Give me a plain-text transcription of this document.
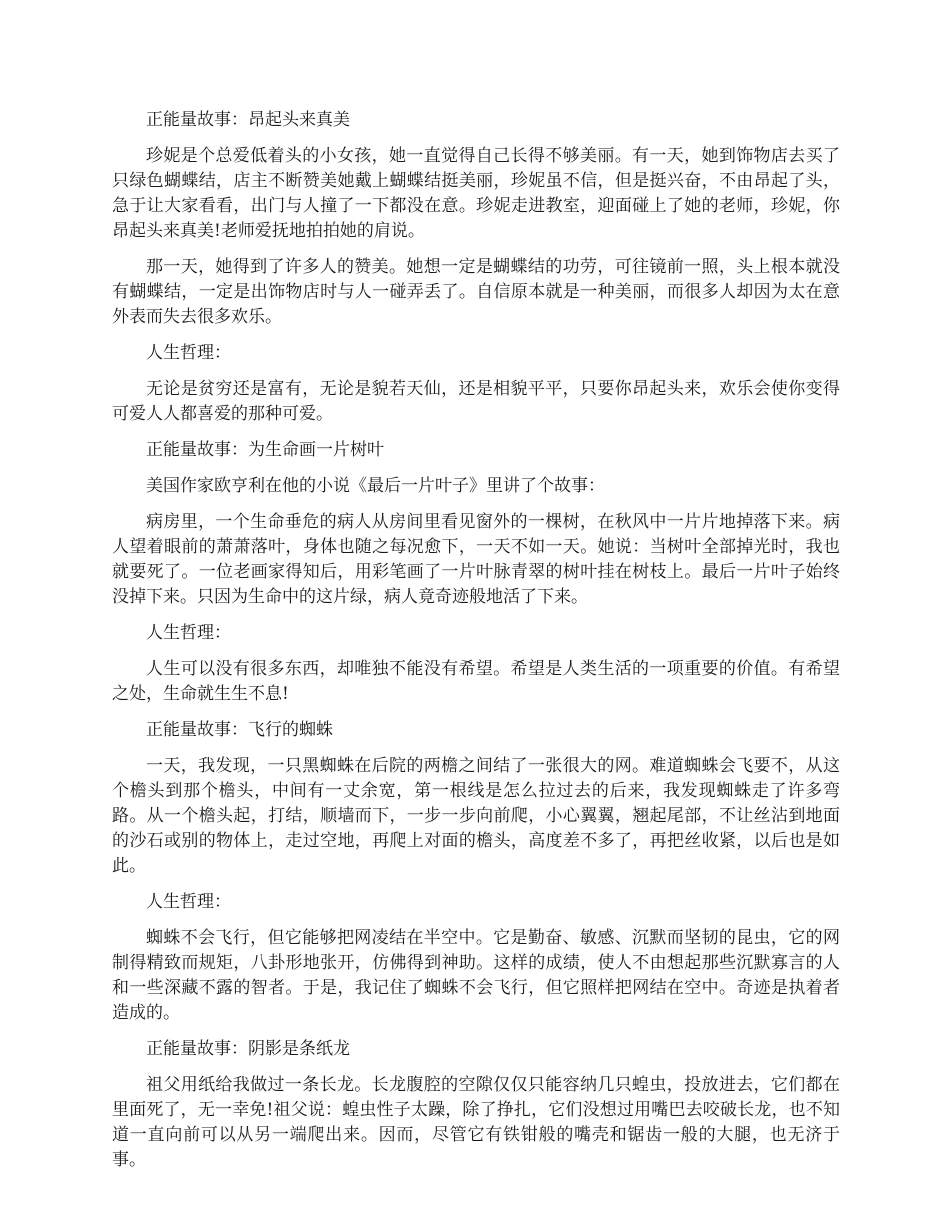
正能量故事：昂起头来真美

珍妮是个总爱低着头的小女孩，她一直觉得自己长得不够美丽。有一天，她到饰物店去买了只绿色蝴蝶结，店主不断赞美她戴上蝴蝶结挺美丽，珍妮虽不信，但是挺兴奋，不由昂起了头，急于让大家看看，出门与人撞了一下都没在意。珍妮走进教室，迎面碰上了她的老师，珍妮，你昂起头来真美!老师爱抚地拍拍她的肩说。

那一天，她得到了许多人的赞美。她想一定是蝴蝶结的功劳，可往镜前一照，头上根本就没有蝴蝶结，一定是出饰物店时与人一碰弄丢了。自信原本就是一种美丽，而很多人却因为太在意外表而失去很多欢乐。

人生哲理：

无论是贫穷还是富有，无论是貌若天仙，还是相貌平平，只要你昂起头来，欢乐会使你变得可爱人人都喜爱的那种可爱。

正能量故事：为生命画一片树叶

美国作家欧亨利在他的小说《最后一片叶子》里讲了个故事：

病房里，一个生命垂危的病人从房间里看见窗外的一棵树，在秋风中一片片地掉落下来。病人望着眼前的萧萧落叶，身体也随之每况愈下，一天不如一天。她说：当树叶全部掉光时，我也就要死了。一位老画家得知后，用彩笔画了一片叶脉青翠的树叶挂在树枝上。最后一片叶子始终没掉下来。只因为生命中的这片绿，病人竟奇迹般地活了下来。

人生哲理：

人生可以没有很多东西，却唯独不能没有希望。希望是人类生活的一项重要的价值。有希望之处，生命就生生不息!

正能量故事：飞行的蜘蛛

一天，我发现，一只黑蜘蛛在后院的两檐之间结了一张很大的网。难道蜘蛛会飞要不，从这个檐头到那个檐头，中间有一丈余宽，第一根线是怎么拉过去的后来，我发现蜘蛛走了许多弯路。从一个檐头起，打结，顺墙而下，一步一步向前爬，小心翼翼，翘起尾部，不让丝沾到地面的沙石或别的物体上，走过空地，再爬上对面的檐头，高度差不多了，再把丝收紧，以后也是如此。

人生哲理：

蜘蛛不会飞行，但它能够把网凌结在半空中。它是勤奋、敏感、沉默而坚韧的昆虫，它的网制得精致而规矩，八卦形地张开，仿佛得到神助。这样的成绩，使人不由想起那些沉默寡言的人和一些深藏不露的智者。于是，我记住了蜘蛛不会飞行，但它照样把网结在空中。奇迹是执着者造成的。

正能量故事：阴影是条纸龙

祖父用纸给我做过一条长龙。长龙腹腔的空隙仅仅只能容纳几只蝗虫，投放进去，它们都在里面死了，无一幸免!祖父说：蝗虫性子太躁，除了挣扎，它们没想过用嘴巴去咬破长龙，也不知道一直向前可以从另一端爬出来。因而，尽管它有铁钳般的嘴壳和锯齿一般的大腿，也无济于事。
